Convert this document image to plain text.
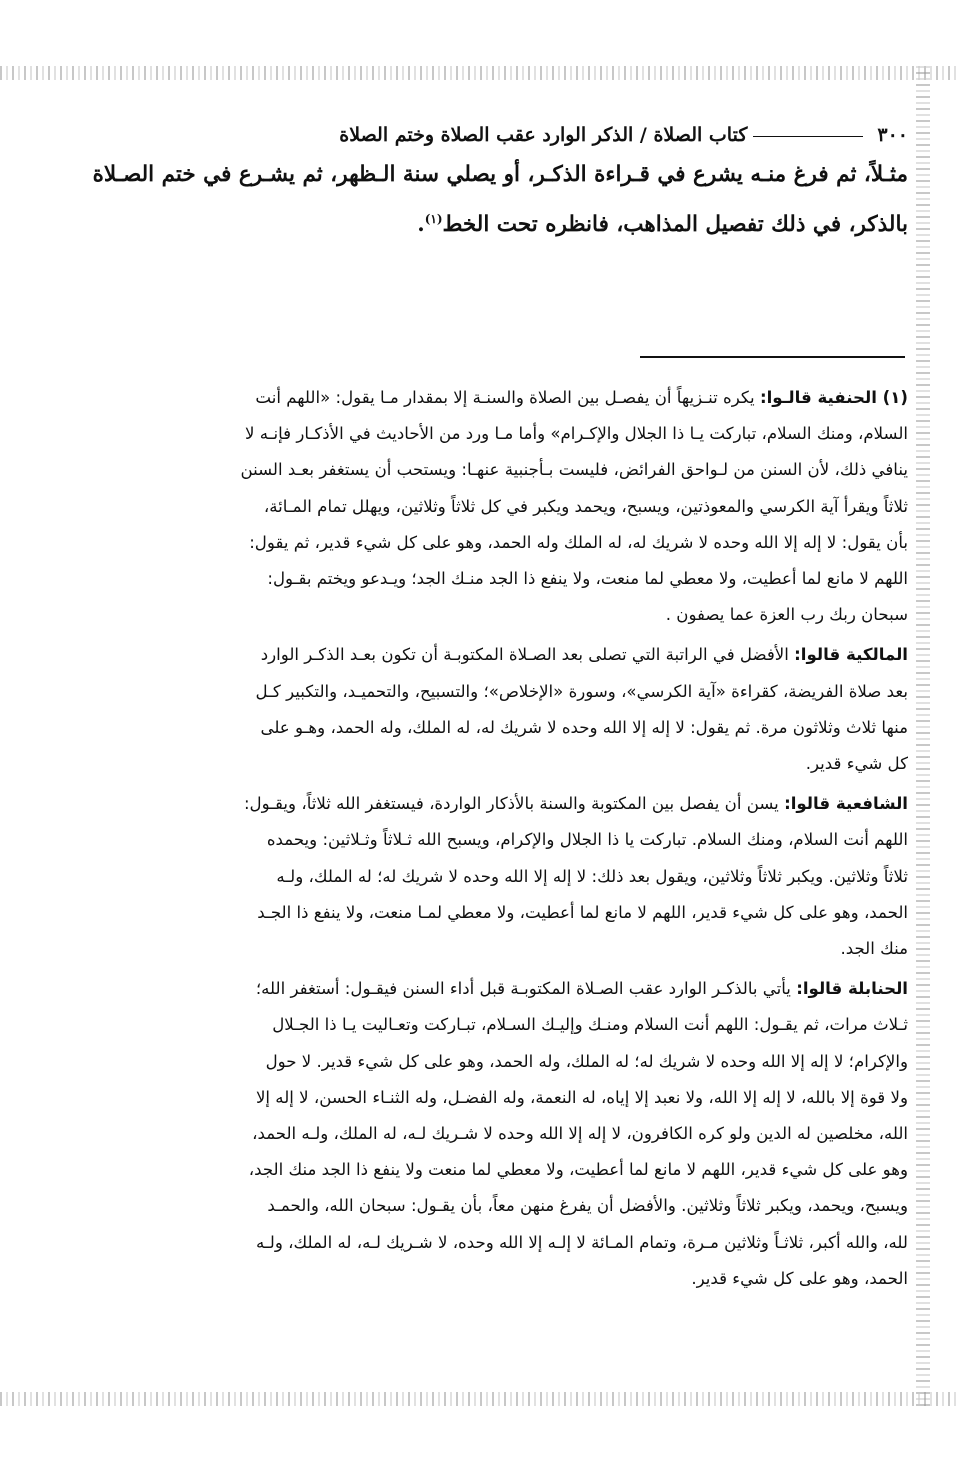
٣٠٠
كتاب الصلاة / الذكر الوارد عقب الصلاة وختم الصلاة
مثـلاً، ثم فرغ منـه يشرع في قـراءة الذكـر، أو يصلي سنة الـظهر، ثم يشـرع في ختم الصـلاة
بالذكر، في ذلك تفصيل المذاهب، فانظره تحت الخط$^{(١)}$.
(١) الحنفية قالـوا: يكره تنـزيهاً أن يفصـل بين الصلاة والسنـة إلا بمقدار مـا يقول: «اللهم أنت
السلام، ومنك السلام، تباركت يـا ذا الجلال والإكـرام» وأما مـا ورد من الأحاديث في الأذكـار فإنـه لا
ينافي ذلك، لأن السنن من لـواحق الفرائض، فليست بـأجنبية عنهـا: ويستحب أن يستغفر بعـد السنن
ثلاثاً ويقرأ آية الكرسي والمعوذتين، ويسبح، ويحمد ويكبر في كل ثلاثاً وثلاثين، ويهلل تمام المـائة،
بأن يقول: لا إله إلا الله وحده لا شريك له، له الملك وله الحمد، وهو على كل شيء قدير، ثم يقول:
اللهم لا مانع لما أعطيت، ولا معطي لما منعت، ولا ينفع ذا الجد منـك الجد؛ ويـدعو ويختم بقـول:
سبحان ربك رب العزة عما يصفون .
المالكية قالوا: الأفضل في الراتبة التي تصلى بعد الصـلاة المكتوبـة أن تكون بعـد الذكـر الوارد
بعد صلاة الفريضة، كقراءة «آية الكرسي»، وسورة «الإخلاص»؛ والتسبيح، والتحميـد، والتكبير كـل
منها ثلاث وثلاثون مرة. ثم يقول: لا إله إلا الله وحده لا شريك له، له الملك، وله الحمد، وهـو على
كل شيء قدير.
الشافعية قالوا: يسن أن يفصل بين المكتوبة والسنة بالأذكار الواردة، فيستغفر الله ثلاثاً، ويقـول:
اللهم أنت السلام، ومنك السلام. تباركت يا ذا الجلال والإكرام، ويسبح الله ثـلاثاً وثـلاثين: ويحمده
ثلاثاً وثلاثين. ويكبر ثلاثاً وثلاثين، ويقول بعد ذلك: لا إله إلا الله وحده لا شريك له؛ له الملك، ولـه
الحمد، وهو على كل شيء قدير، اللهم لا مانع لما أعطيت، ولا معطي لمـا منعت، ولا ينفع ذا الجـد
منك الجد.
الحنابلة قالوا: يأتي بالذكـر الوارد عقب الصـلاة المكتوبـة قبل أداء السنن فيقـول: أستغفر الله؛
ثـلاث مرات، ثم يقـول: اللهم أنت السلام ومنـك وإليـك السـلام، تبـاركت وتعـاليت يـا ذا الجـلال
والإكرام؛ لا إله إلا الله وحده لا شريك له؛ له الملك، وله الحمد، وهو على كل شيء قدير. لا حول
ولا قوة إلا بالله، لا إله إلا الله، ولا نعبد إلا إياه، له النعمة، وله الفضـل، وله الثنـاء الحسن، لا إله إلا
الله، مخلصين له الدين ولو كره الكافرون، لا إله إلا الله وحده لا شـريك لـه، له الملك، ولـه الحمد،
وهو على كل شيء قدير، اللهم لا مانع لما أعطيت، ولا معطي لما منعت ولا ينفع ذا الجد منك الجد،
ويسبح، ويحمد، ويكبر ثلاثاً وثلاثين. والأفضل أن يفرغ منهن معاً، بأن يقـول: سبحان الله، والحمـد
لله، والله أكبر، ثلاثـاً وثلاثين مـرة، وتمام المـائة لا إلـه إلا الله وحده، لا شـريك لـه، له الملك، ولـه
الحمد، وهو على كل شيء قدير.
